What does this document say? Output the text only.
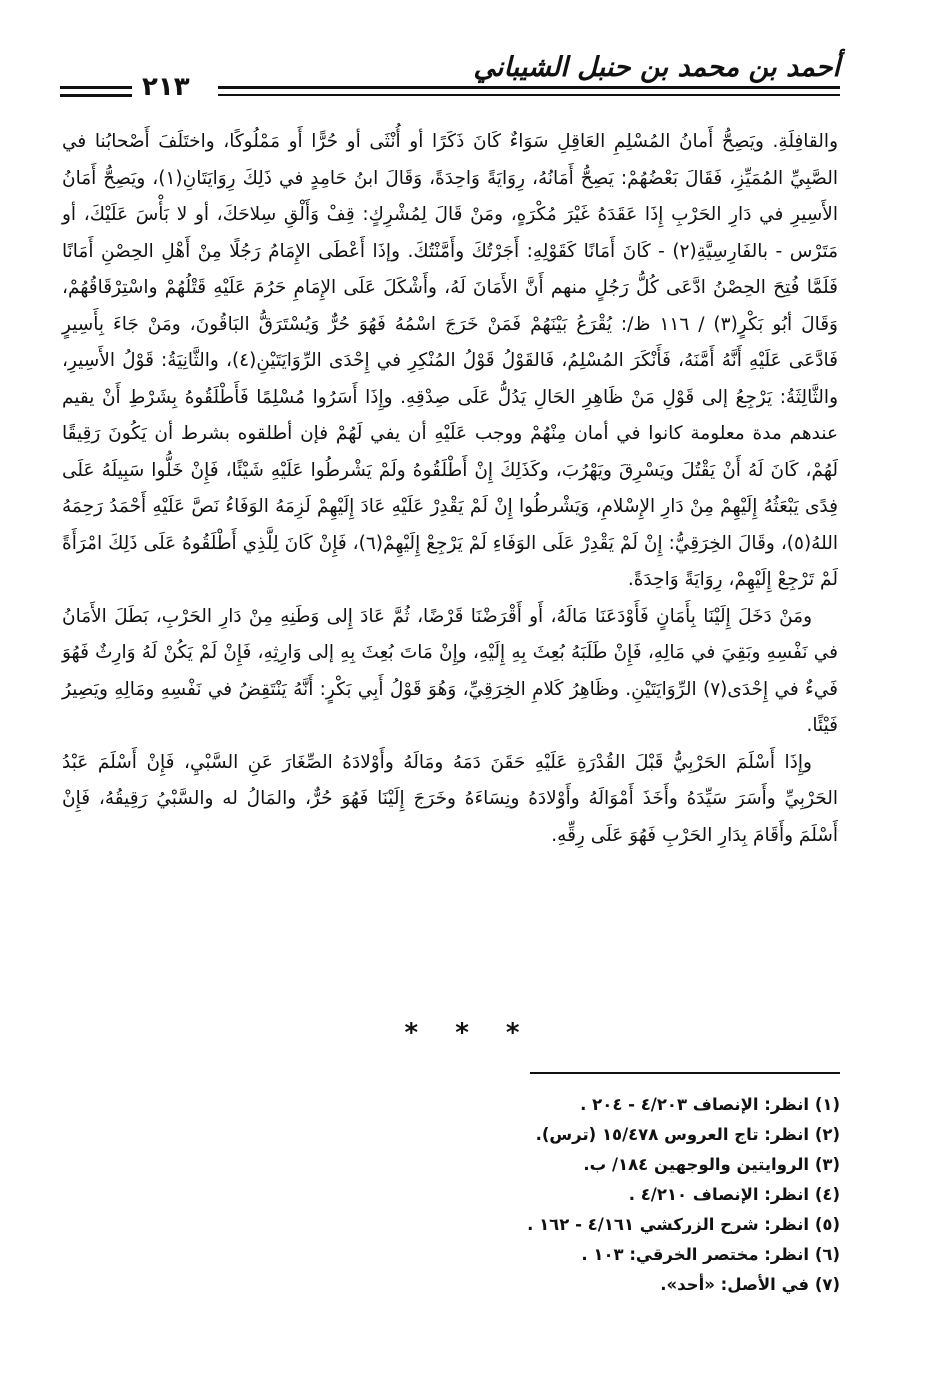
أحمد بن محمد بن حنبل الشيباني
٢١٣

والقافِلَةِ. ويَصِحُّ أَمانُ المُسْلِمِ العَاقِلِ سَوَاءٌ كَانَ ذَكَرًا أو أُنْثَى أو حُرًّا أَو مَمْلُوكًا، واختَلَفَ أَصْحابُنا في الصَّبِيِّ المُمَيِّزِ، فَقَالَ بَعْضُهُمْ: يَصِحُّ أَمَانُهُ، رِوَايَةً وَاحِدَةً، وَقَالَ ابنُ حَامِدٍ في ذَلِكَ رِوَايَتَانِ(١)، ويَصِحُّ أَمَانُ الأَسِيرِ في دَارِ الحَرْبِ إِذَا عَقَدَهُ غَيْرَ مُكْرَهٍ، ومَنْ قَالَ لِمُشْرِكٍ: قِفْ وَأَلْقِ سِلاحَكَ، أو لا بَأْسَ عَلَيْكَ، أو مَتَرْس - بالفَارِسِيَّةِ(٢) - كَانَ أَمَانًا كَقَوْلِهِ: أَجَرْتُكَ وأَمَّنْتُكَ. وإذَا أَعْطَى الإِمَامُ رَجُلًا مِنْ أَهْلِ الحِصْنِ أَمَانًا فَلَمَّا فُتِحَ الحِصْنُ ادَّعَى كُلُّ رَجُلٍ منهم أَنَّ الأَمَانَ لَهُ، وأَشْكَلَ عَلَى الإِمَامِ حَرُمَ عَلَيْهِ قَتْلُهُمْ واسْتِرْقَاقُهُمْ، وَقَالَ أبُو بَكْرٍ(٣) / ١١٦ ظ/: يُقْرَعُ بَيْنَهُمْ فَمَنْ خَرَجَ اسْمُهُ فَهُوَ حُرٌّ وَيُسْتَرَقُّ البَاقُونَ، ومَنْ جَاءَ بِأَسِيرٍ فَادَّعَى عَلَيْهِ أَنَّهُ أَمَّنَهُ، فَأَنْكَرَ المُسْلِمُ، فَالقَوْلُ قَوْلُ المُنْكِرِ في إِحْدَى الرِّوَايَتَيْنِ(٤)، والثَّانِيَةُ: قَوْلُ الأَسِيرِ، والثَّالِثَةُ: يَرْجِعُ إلى قَوْلِ مَنْ ظَاهِرِ الحَالِ يَدُلُّ عَلَى صِدْقِهِ. وإِذَا أَسَرُوا مُسْلِمًا فَأَطْلَقُوهُ بِشَرْطِ أَنْ يقيم عندهم مدة معلومة كانوا في أمان مِنْهُمْ ووجب عَلَيْهِ أن يفي لَهُمْ فإن أطلقوه بشرط أن يَكُونَ رَقِيقًا لَهُمْ، كَانَ لَهُ أَنْ يَقْتُلَ ويَسْرِقَ ويَهْرُبَ، وكَذَلِكَ إِنْ أَطْلَقُوهُ ولَمْ يَشْرطُوا عَلَيْهِ شَيْئًا، فَإِنْ خَلُّوا سَبِيلَهُ عَلَى فِدًى يَبْعَثُهُ إِلَيْهِمْ مِنْ دَارِ الإِسْلامِ، وَيَشْرطُوا إِنْ لَمْ يَقْدِرْ عَلَيْهِ عَادَ إِلَيْهِمْ لَزِمَهُ الوَفَاءُ نَصَّ عَلَيْهِ أَحْمَدُ رَحِمَهُ اللهُ(٥)، وقَالَ الخِرَقِيُّ: إِنْ لَمْ يَقْدِرْ عَلَى الوَفَاءِ لَمْ يَرْجِعْ إِلَيْهِمْ(٦)، فَإِنْ كَانَ لِلَّذِي أَطْلَقُوهُ عَلَى ذَلِكَ امْرَأَةً لَمْ تَرْجِعْ إِلَيْهِمْ، رِوَايَةً وَاحِدَةً.

ومَنْ دَخَلَ إِلَيْنَا بِأَمَانٍ فَأَوْدَعَنَا مَالَهُ، أَو أَقْرَضْنَا قَرْضًا، ثُمَّ عَادَ إِلى وَطَنِهِ مِنْ دَارِ الحَرْبِ، بَطَلَ الأَمَانُ في نَفْسِهِ وبَقِيَ في مَالِهِ، فَإِنْ طَلَبَهُ بُعِثَ بِهِ إِلَيْهِ، وإِنْ مَاتَ بُعِثَ بِهِ إلى وَارِثِهِ، فَإِنْ لَمْ يَكُنْ لَهُ وَارِثٌ فَهُوَ فَيءٌ في إِحْدَى(٧) الرِّوَايَتَيْنِ. وظَاهِرُ كَلامِ الخِرَقِيِّ، وَهُوَ قَوْلُ أَبِي بَكْرٍ: أَنَّهُ يَنْتَقِضُ في نَفْسِهِ ومَالِهِ ويَصِيرُ فَيْئًا.

وإِذَا أَسْلَمَ الحَرْبِيُّ قَبْلَ القُدْرَةِ عَلَيْهِ حَقَنَ دَمَهُ ومَالَهُ وأَوْلادَهُ الصِّغَارَ عَنِ السَّبْيِ، فَإِنْ أَسْلَمَ عَبْدُ الحَرْبِيِّ وأَسَرَ سَيِّدَهُ وأَخَذَ أَمْوَالَهُ وأَوْلادَهُ ونِسَاءَهُ وخَرَجَ إِلَيْنَا فَهُوَ حُرٌّ، والمَالُ له والسَّبْيُ رَقِيقُهُ، فَإِنْ أَسْلَمَ وأَقَامَ بِدَارِ الحَرْبِ فَهُوَ عَلَى رِقِّهِ.

* * *
(١) انظر: الإنصاف ٤/٢٠٣ - ٢٠٤ .
(٢) انظر: تاج العروس ١٥/٤٧٨ (ترس).
(٣) الروايتين والوجهين ١٨٤/ ب.
(٤) انظر: الإنصاف ٤/٢١٠ .
(٥) انظر: شرح الزركشي ٤/١٦١ - ١٦٢ .
(٦) انظر: مختصر الخرقي: ١٠٣ .
(٧) في الأصل: «أحد».
